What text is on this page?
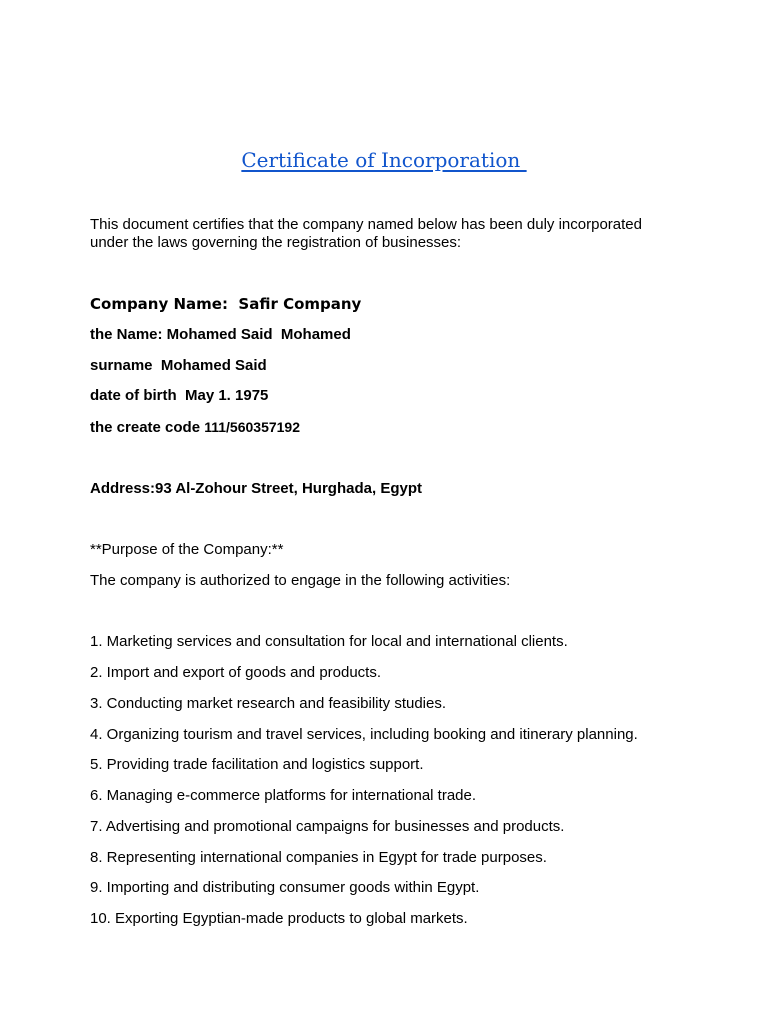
Certificate of Incorporation
This document certifies that the company named below has been duly incorporated under the laws governing the registration of businesses:
Company Name:  Safir Company
the Name: Mohamed Said  Mohamed
surname  Mohamed Said
date of birth  May 1. 1975
the create code 111/560357192
Address:93 Al-Zohour Street, Hurghada, Egypt
**Purpose of the Company:**
The company is authorized to engage in the following activities:
1. Marketing services and consultation for local and international clients.
2. Import and export of goods and products.
3. Conducting market research and feasibility studies.
4. Organizing tourism and travel services, including booking and itinerary planning.
5. Providing trade facilitation and logistics support.
6. Managing e-commerce platforms for international trade.
7. Advertising and promotional campaigns for businesses and products.
8. Representing international companies in Egypt for trade purposes.
9. Importing and distributing consumer goods within Egypt.
10. Exporting Egyptian-made products to global markets.
